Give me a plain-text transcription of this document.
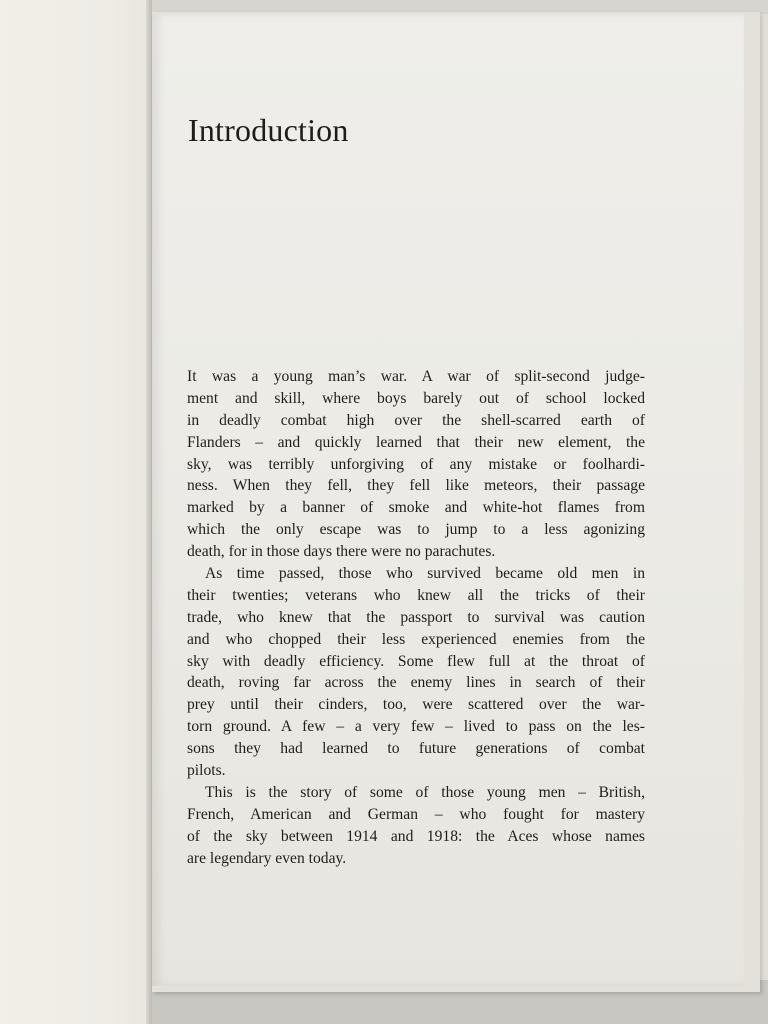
Introduction
It was a young man’s war. A war of split-second judge-
ment and skill, where boys barely out of school locked
in deadly combat high over the shell-scarred earth of
Flanders – and quickly learned that their new element, the
sky, was terribly unforgiving of any mistake or foolhardi-
ness. When they fell, they fell like meteors, their passage
marked by a banner of smoke and white-hot flames from
which the only escape was to jump to a less agonizing
death, for in those days there were no parachutes.
As time passed, those who survived became old men in
their twenties; veterans who knew all the tricks of their
trade, who knew that the passport to survival was caution
and who chopped their less experienced enemies from the
sky with deadly efficiency. Some flew full at the throat of
death, roving far across the enemy lines in search of their
prey until their cinders, too, were scattered over the war-
torn ground. A few – a very few – lived to pass on the les-
sons they had learned to future generations of combat
pilots.
This is the story of some of those young men – British,
French, American and German – who fought for mastery
of the sky between 1914 and 1918: the Aces whose names
are legendary even today.
